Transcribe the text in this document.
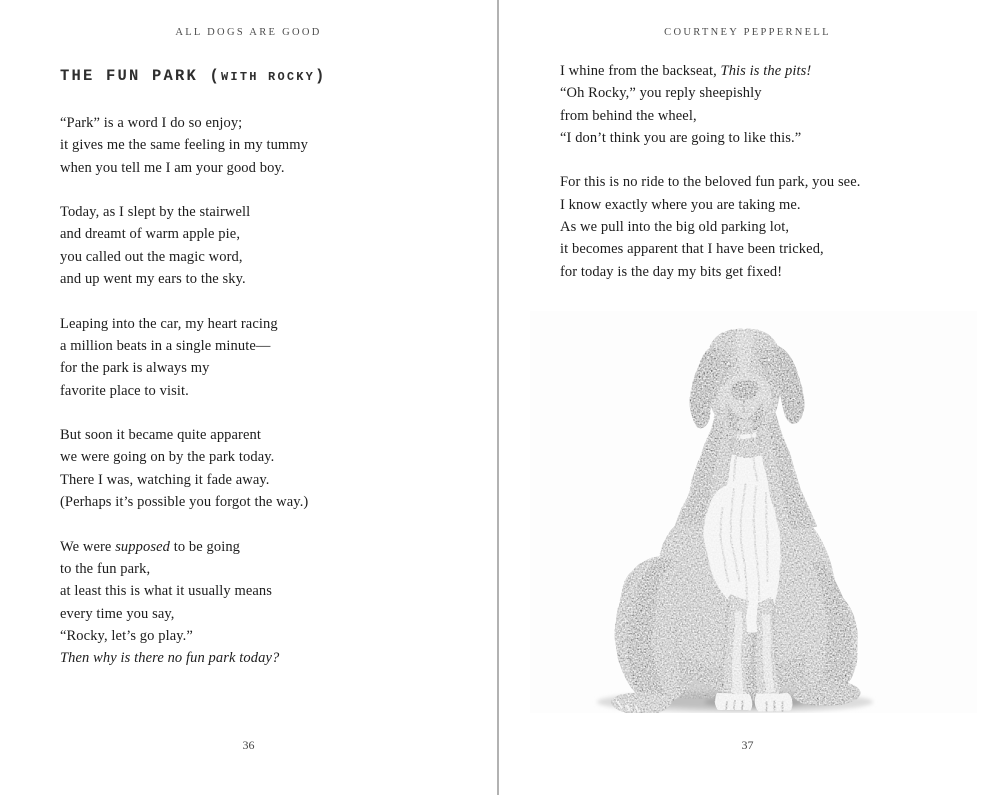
ALL DOGS ARE GOOD
THE FUN PARK (WITH ROCKY)
“Park” is a word I do so enjoy;
it gives me the same feeling in my tummy
when you tell me I am your good boy.
Today, as I slept by the stairwell
and dreamt of warm apple pie,
you called out the magic word,
and up went my ears to the sky.
Leaping into the car, my heart racing
a million beats in a single minute—
for the park is always my
favorite place to visit.
But soon it became quite apparent
we were going on by the park today.
There I was, watching it fade away.
(Perhaps it’s possible you forgot the way.)
We were supposed to be going
to the fun park,
at least this is what it usually means
every time you say,
“Rocky, let’s go play.”
Then why is there no fun park today?
36
COURTNEY PEPPERNELL
I whine from the backseat, This is the pits!
“Oh Rocky,” you reply sheepishly
from behind the wheel,
“I don’t think you are going to like this.”
For this is no ride to the beloved fun park, you see.
I know exactly where you are taking me.
As we pull into the big old parking lot,
it becomes apparent that I have been tricked,
for today is the day my bits get fixed!
37
